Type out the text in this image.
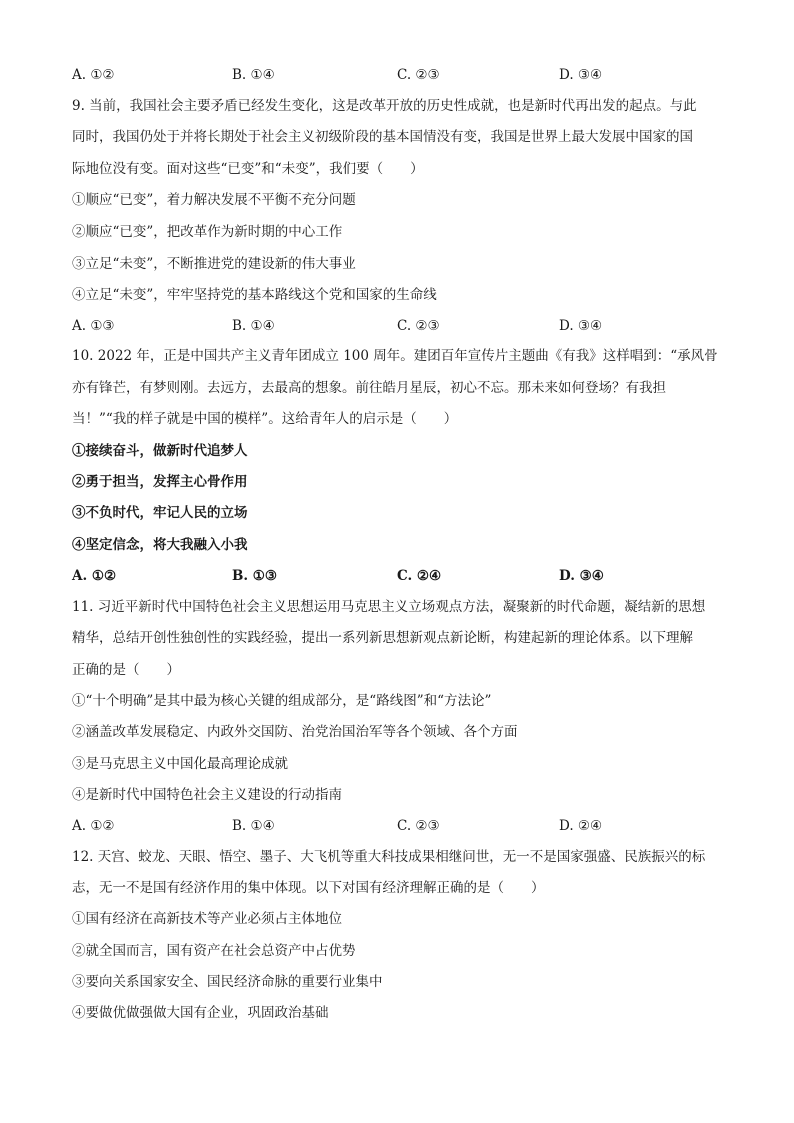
A. ①②	B. ①④	C. ②③	D. ③④
9. 当前，我国社会主要矛盾已经发生变化，这是改革开放的历史性成就，也是新时代再出发的起点。与此
同时，我国仍处于并将长期处于社会主义初级阶段的基本国情没有变，我国是世界上最大发展中国家的国
际地位没有变。面对这些“已变”和“未变”，我们要（　　）
①顺应“已变”，着力解决发展不平衡不充分问题
②顺应“已变”，把改革作为新时期的中心工作
③立足“未变”，不断推进党的建设新的伟大事业
④立足“未变”，牢牢坚持党的基本路线这个党和国家的生命线
A. ①③	B. ①④	C. ②③	D. ③④
10. 2022 年，正是中国共产主义青年团成立 100 周年。建团百年宣传片主题曲《有我》这样唱到：“承风骨
亦有锋芒，有梦则刚。去远方，去最高的想象。前往皓月星辰，初心不忘。那未来如何登场？有我担
当！”“我的样子就是中国的模样”。这给青年人的启示是（　　）
①接续奋斗，做新时代追梦人
②勇于担当，发挥主心骨作用
③不负时代，牢记人民的立场
④坚定信念，将大我融入小我
A. ①②	B. ①③	C. ②④	D. ③④
11. 习近平新时代中国特色社会主义思想运用马克思主义立场观点方法，凝聚新的时代命题，凝结新的思想
精华，总结开创性独创性的实践经验，提出一系列新思想新观点新论断，构建起新的理论体系。以下理解
正确的是（　　）
①“十个明确”是其中最为核心关键的组成部分，是“路线图”和“方法论”
②涵盖改革发展稳定、内政外交国防、治党治国治军等各个领域、各个方面
③是马克思主义中国化最高理论成就
④是新时代中国特色社会主义建设的行动指南
A. ①②	B. ①④	C. ②③	D. ②④
12. 天宫、蛟龙、天眼、悟空、墨子、大飞机等重大科技成果相继问世，无一不是国家强盛、民族振兴的标
志，无一不是国有经济作用的集中体现。以下对国有经济理解正确的是（　　）
①国有经济在高新技术等产业必须占主体地位
②就全国而言，国有资产在社会总资产中占优势
③要向关系国家安全、国民经济命脉的重要行业集中
④要做优做强做大国有企业，巩固政治基础
